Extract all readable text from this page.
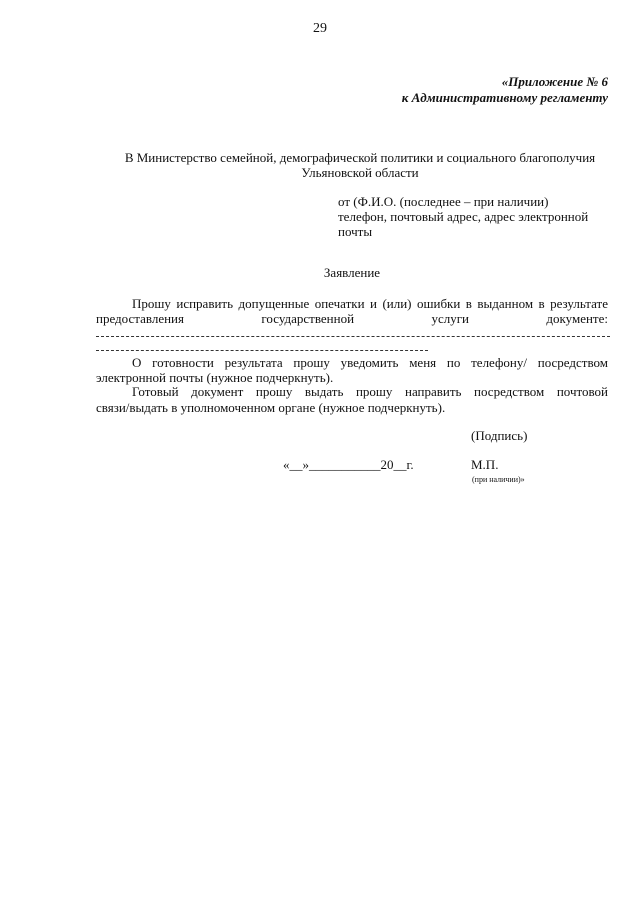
29
«Приложение № 6
к Административному регламенту
В Министерство семейной, демографической политики и социального благополучия
Ульяновской области
от (Ф.И.О. (последнее – при наличии)
телефон, почтовый адрес, адрес электронной
почты
Заявление
Прошу исправить допущенные опечатки и (или) ошибки в выданном в результате
предоставления государственной услуги документе:
О готовности результата прошу уведомить меня по телефону/ посредством
электронной почты (нужное подчеркнуть).
Готовый документ прошу выдать прошу направить посредством почтовой
связи/выдать в уполномоченном органе (нужное подчеркнуть).
(Подпись)
«__»___________20__г.	М.П.
(при наличии)»
